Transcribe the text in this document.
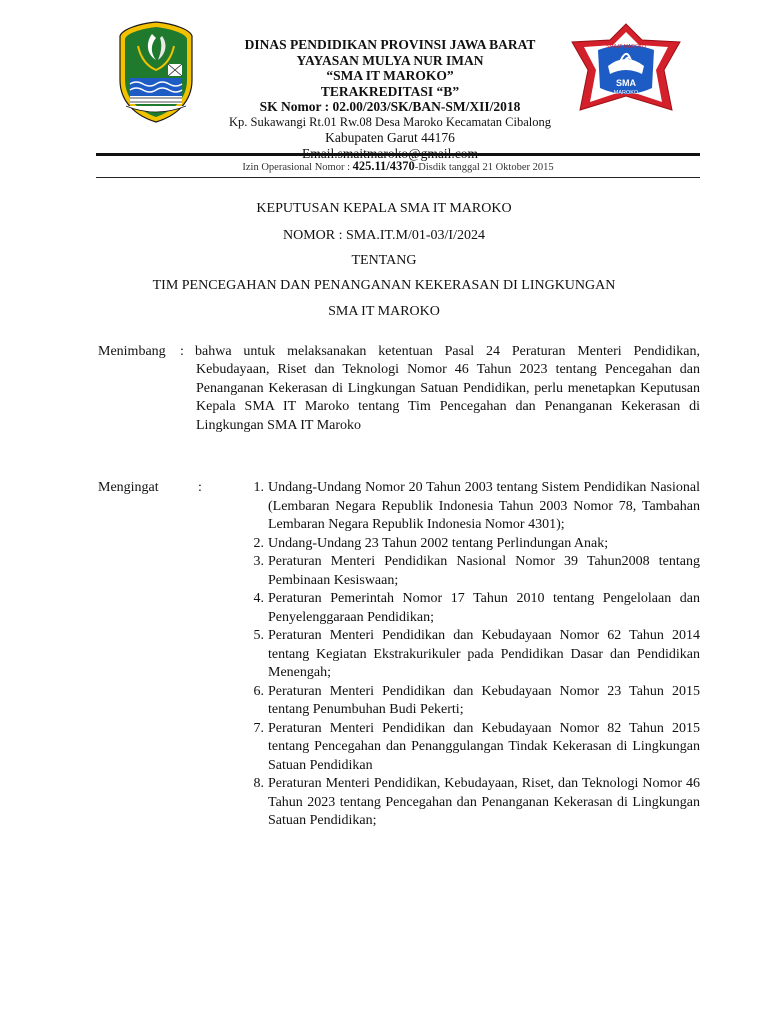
DINAS PENDIDIKAN PROVINSI JAWA BARAT
YAYASAN MULYA NUR IMAN
“SMA IT MAROKO”
TERAKREDITASI “B”
SK Nomor : 02.00/203/SK/BAN-SM/XII/2018
Kp. Sukawangi Rt.01 Rw.08 Desa Maroko Kecamatan Cibalong
Kabupaten Garut 44176
SMA IT MAROKO
SMA
MAROKO
Izin Operasional Nomor : 425.11/4370-Disdik tanggal 21 Oktober 2015
KEPUTUSAN KEPALA SMA IT MAROKO
NOMOR : SMA.IT.M/01-03/I/2024
TENTANG
TIM PENCEGAHAN DAN PENANGANAN KEKERASAN DI LINGKUNGAN
SMA IT MAROKO
Menimbang : bahwa untuk melaksanakan ketentuan Pasal 24 Peraturan Menteri Pendidikan,
Kebudayaan, Riset dan Teknologi Nomor 46 Tahun 2023 tentang Pencegahan dan Penanganan Kekerasan di Lingkungan Satuan Pendidikan, perlu menetapkan Keputusan Kepala SMA IT Maroko tentang Tim Pencegahan dan Penanganan Kekerasan di Lingkungan SMA IT Maroko
Mengingat	:	1. Undang-Undang Nomor 20 Tahun 2003 tentang Sistem Pendidikan Nasional (Lembaran Negara Republik Indonesia Tahun 2003 Nomor 78, Tambahan Lembaran Negara Republik Indonesia Nomor 4301);
2. Undang-Undang 23 Tahun 2002 tentang Perlindungan Anak;
3. Peraturan Menteri Pendidikan Nasional Nomor 39 Tahun2008 tentang Pembinaan Kesiswaan;
4. Peraturan Pemerintah Nomor 17 Tahun 2010 tentang Pengelolaan dan Penyelenggaraan Pendidikan;
5. Peraturan Menteri Pendidikan dan Kebudayaan Nomor 62 Tahun 2014 tentang Kegiatan Ekstrakurikuler pada Pendidikan Dasar dan Pendidikan Menengah;
6. Peraturan Menteri Pendidikan dan Kebudayaan Nomor 23 Tahun 2015 tentang Penumbuhan Budi Pekerti;
7. Peraturan Menteri Pendidikan dan Kebudayaan Nomor 82 Tahun 2015 tentang Pencegahan dan Penanggulangan Tindak Kekerasan di Lingkungan Satuan Pendidikan
8. Peraturan Menteri Pendidikan, Kebudayaan, Riset, dan Teknologi Nomor 46 Tahun 2023 tentang Pencegahan dan Penanganan Kekerasan di Lingkungan Satuan Pendidikan;
